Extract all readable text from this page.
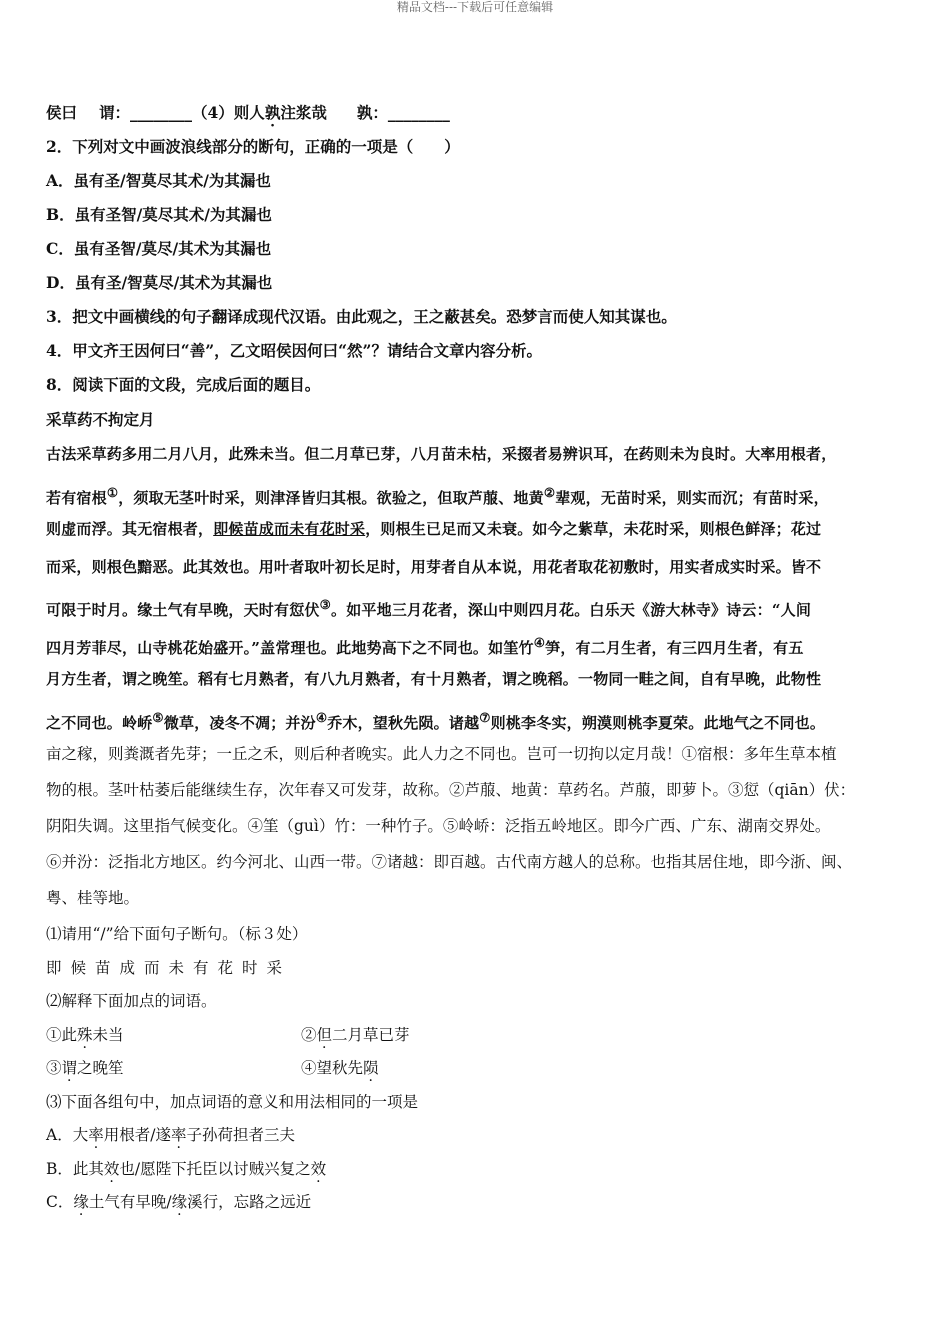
精品文档---下载后可任意编辑
侯曰 谓：________（4）则人孰注浆哉 孰：________
2．下列对文中画波浪线部分的断句，正确的一项是（　　）
A．虽有圣/智莫尽其术/为其漏也
B．虽有圣智/莫尽其术/为其漏也
C．虽有圣智/莫尽/其术为其漏也
D．虽有圣/智莫尽/其术为其漏也
3．把文中画横线的句子翻译成现代汉语。由此观之，王之蔽甚矣。恐梦言而使人知其谋也。
4．甲文齐王因何曰“善”，乙文昭侯因何曰“然”？请结合文章内容分析。
8．阅读下面的文段，完成后面的题目。
采草药不拘定月
古法采草药多用二月八月，此殊未当。但二月草已芽，八月苗未枯，采掇者易辨识耳，在药则未为良时。大率用根者，
若有宿根①，须取无茎叶时采，则津泽皆归其根。欲验之，但取芦菔、地黄②辈观，无苗时采，则实而沉；有苗时采，
则虚而浮。其无宿根者，即候苗成而未有花时采，则根生已足而又未衰。如今之紫草，未花时采，则根色鲜泽；花过
而采，则根色黯恶。此其效也。用叶者取叶初长足时，用芽者自从本说，用花者取花初敷时，用实者成实时采。皆不
可限于时月。缘土气有早晚，天时有愆伏③。如平地三月花者，深山中则四月花。白乐天《游大林寺》诗云：“人间
四月芳菲尽，山寺桃花始盛开。”盖常理也。此地势高下之不同也。如筀竹④笋，有二月生者，有三四月生者，有五
月方生者，谓之晚笙。稻有七月熟者，有八九月熟者，有十月熟者，谓之晚稻。一物同一畦之间，自有早晚，此物性
之不同也。岭峤⑤微草，凌冬不凋；并汾④乔木，望秋先陨。诸越⑦则桃李冬实，朔漠则桃李夏荣。此地气之不同也。
亩之稼，则粪溉者先芽；一丘之禾，则后种者晚实。此人力之不同也。岂可一切拘以定月哉！①宿根：多年生草本植
物的根。茎叶枯萎后能继续生存，次年春又可发芽，故称。②芦菔、地黄：草药名。芦菔，即萝卜。③愆（qiān）伏：
阴阳失调。这里指气候变化。④筀（guì）竹：一种竹子。⑤岭峤：泛指五岭地区。即今广西、广东、湖南交界处。
⑥并汾：泛指北方地区。约今河北、山西一带。⑦诸越：即百越。古代南方越人的总称。也指其居住地，即今浙、闽、
粤、桂等地。
⑴请用“/”给下面句子断句。（标３处）
即候苗成而未有花时采
⑵解释下面加点的词语。
①此殊未当	②但二月草已芽
③谓之晚笙	④望秋先陨
⑶下面各组句中，加点词语的意义和用法相同的一项是
A．大率用根者/遂率子孙荷担者三夫
B．此其效也/愿陛下托臣以讨贼兴复之效
C．缘土气有早晚/缘溪行，忘路之远近
